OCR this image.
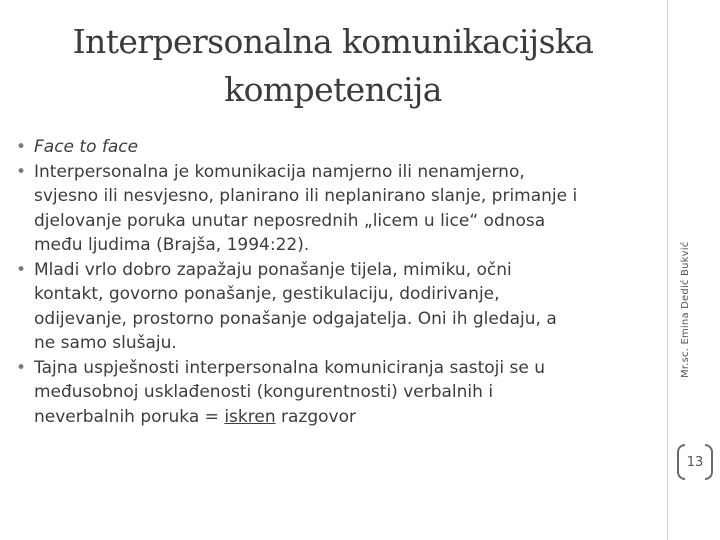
Interpersonalna komunikacijska
kompetencija
• Face to face
• Interpersonalna je komunikacija namjerno ili nenamjerno,
svjesno ili nesvjesno, planirano ili neplanirano slanje, primanje i
djelovanje poruka unutar neposrednih „licem u lice“ odnosa
među ljudima (Brajša, 1994:22).
• Mladi vrlo dobro zapažaju ponašanje tijela, mimiku, očni
kontakt, govorno ponašanje, gestikulaciju, dodirivanje,
odijevanje, prostorno ponašanje odgajatelja. Oni ih gledaju, a
ne samo slušaju.
• Tajna uspješnosti interpersonalna komuniciranja sastoji se u
međusobnoj usklađenosti (kongurentnosti) verbalnih i
neverbalnih poruka = iskren razgovor
Mr.sc. Emina Dedić Bukvić
13
